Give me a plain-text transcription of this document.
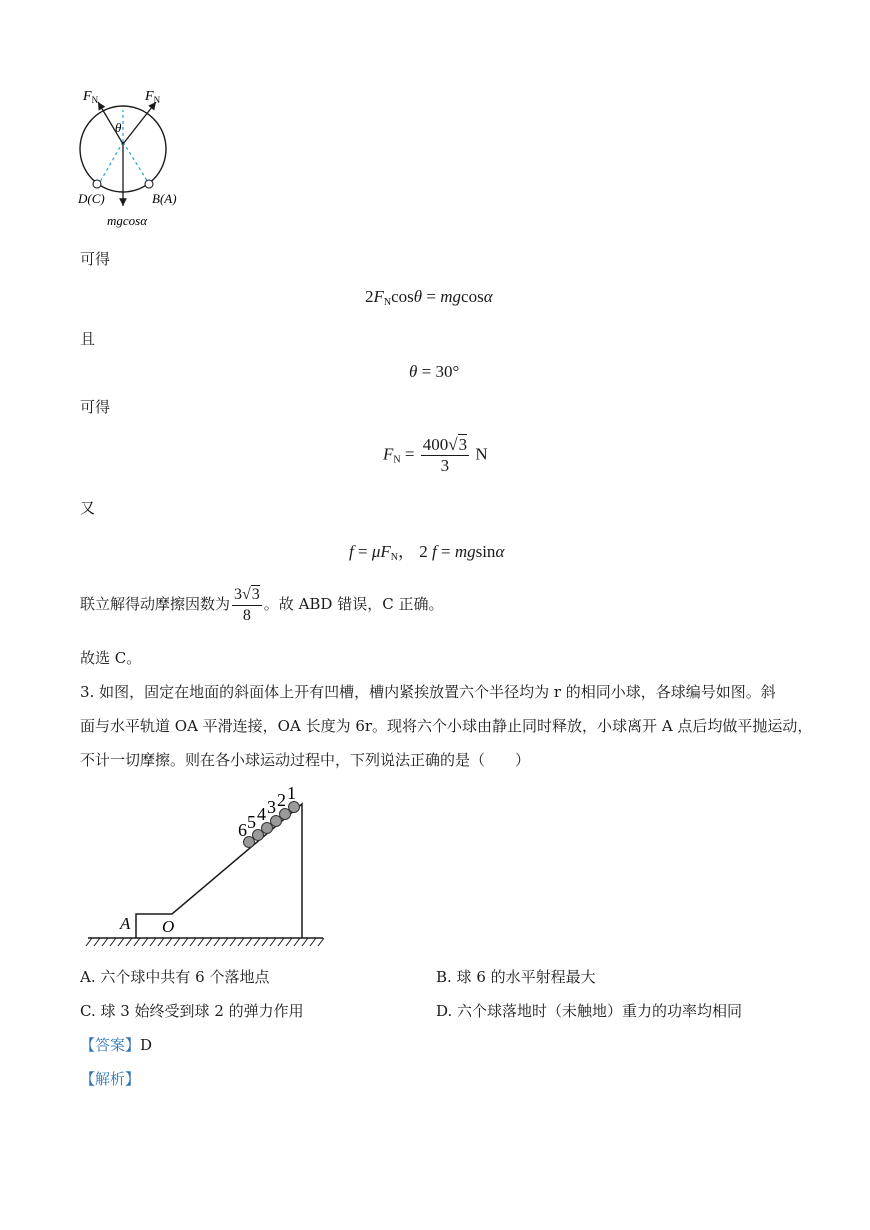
$F_N$	$F_N$
θ
D(C)	B(A)
mgcosα
可得
$2F_N\cos\theta = mgcos\alpha$
且
θ = 30°
可得
$F_N = \frac{400√3}{3}$ N
又
$f = \mu F_N$， 2 f = mgsinα
联立解得动摩擦因数为 $\frac{3√3}{8}$ 。故 ABD 错误，C 正确。
故选 C。
3. 如图，固定在地面的斜面体上开有凹槽，槽内紧挨放置六个半径均为 r 的相同小球，各球编号如图。斜
面与水平轨道 OA 平滑连接，OA 长度为 6r。现将六个小球由静止同时释放，小球离开 A 点后均做平抛运动，
不计一切摩擦。则在各小球运动过程中，下列说法正确的是（　　）
1
2
3
4
5
6
A O
A. 六个球中共有 6 个落地点	B. 球 6 的水平射程最大
C. 球 3 始终受到球 2 的弹力作用	D. 六个球落地时（未触地）重力的功率均相同
【答案】D
【解析】
